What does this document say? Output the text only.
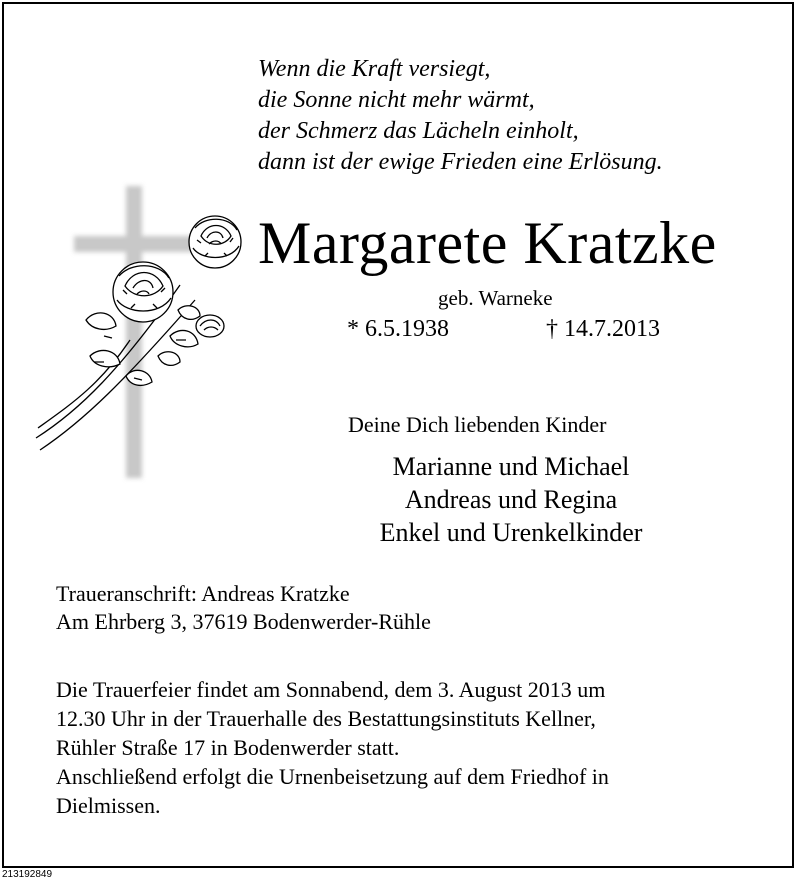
Wenn die Kraft versiegt,
die Sonne nicht mehr wärmt,
der Schmerz das Lächeln einholt,
dann ist der ewige Frieden eine Erlösung.
Margarete Kratzke
geb. Warneke
* 6.5.1938	† 14.7.2013
Deine Dich liebenden Kinder
Marianne und Michael
Andreas und Regina
Enkel und Urenkelkinder
Traueranschrift: Andreas Kratzke
Am Ehrberg 3, 37619 Bodenwerder-Rühle
Die Trauerfeier findet am Sonnabend, dem 3. August 2013 um
12.30 Uhr in der Trauerhalle des Bestattungsinstituts Kellner,
Rühler Straße 17 in Bodenwerder statt.
Anschließend erfolgt die Urnenbeisetzung auf dem Friedhof in
Dielmissen.
213192849
